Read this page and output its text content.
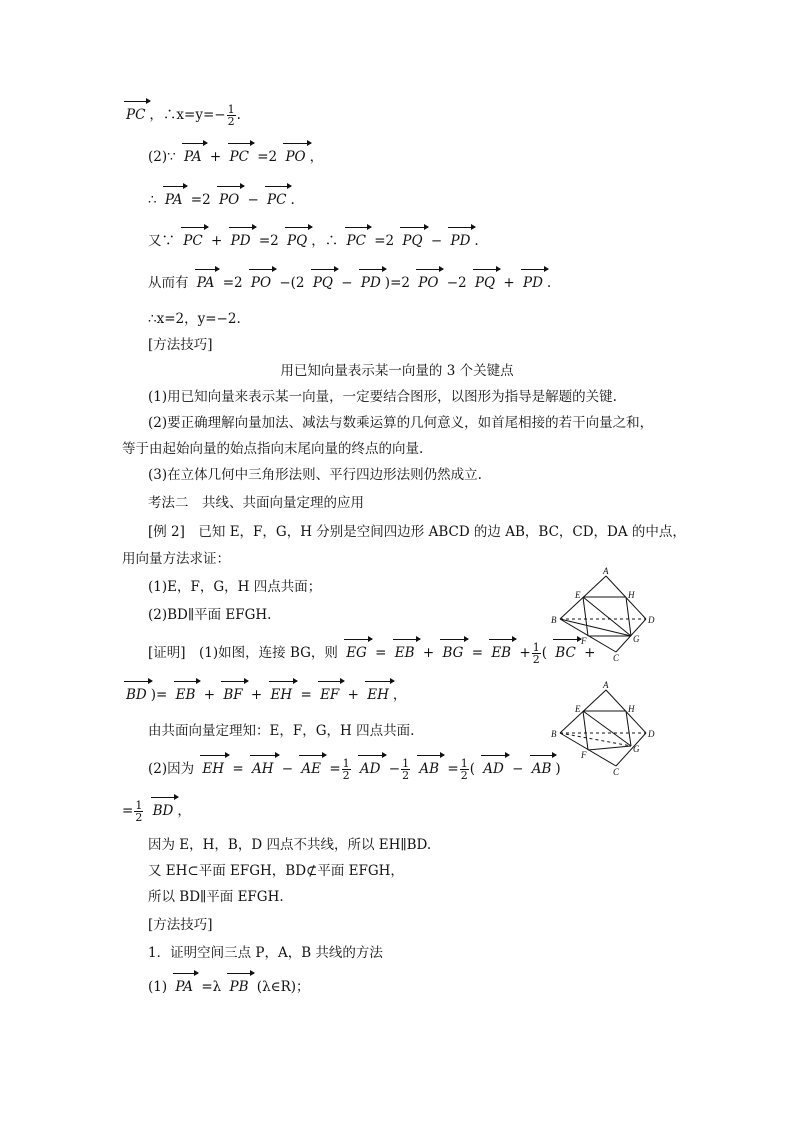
PC ，∴x=y=− $\frac{1}{2}$ .
(2)∵ PA + PC =2 PO ，
∴ PA =2 PO − PC .
又∵ PC + PD =2 PQ ，∴ PC =2 PQ − PD .
从而有 PA =2 PO −(2 PQ − PD )=2 PO −2 PQ + PD .
∴x=2，y=−2.
[方法技巧]
用已知向量表示某一向量的 3 个关键点
(1)用已知向量来表示某一向量，一定要结合图形，以图形为指导是解题的关键.
(2)要正确理解向量加法、减法与数乘运算的几何意义，如首尾相接的若干向量之和，
等于由起始向量的始点指向末尾向量的终点的向量.
(3)在立体几何中三角形法则、平行四边形法则仍然成立.
考法二　共线、共面向量定理的应用
[例 2]　已知 E，F，G，H 分别是空间四边形 ABCD 的边 AB，BC，CD，DA 的中点，
用向量方法求证：
(1)E，F，G，H 四点共面；
(2)BD∥平面 EFGH.
[证明]　(1)如图，连接 BG，则 EG = EB + BG = EB + $\frac{1}{2}$ ( BC +
BD )= EB + BF + EH = EF + EH ，
由共面向量定理知：E，F，G，H 四点共面.
(2)因为 EH = AH − AE = $\frac{1}{2}$ AD − $\frac{1}{2}$ AB = $\frac{1}{2}$ ( AD − AB )
= $\frac{1}{2}$ BD ，
因为 E，H，B，D 四点不共线，所以 EH∥BD.
又 EH⊂平面 EFGH，BD⊄平面 EFGH，
所以 BD∥平面 EFGH.
[方法技巧]
1．证明空间三点 P，A，B 共线的方法
(1) PA =λ PB (λ∈R)；
A
E	H
B	D
F	G
C
A
E	H
B	D
F
G
C
